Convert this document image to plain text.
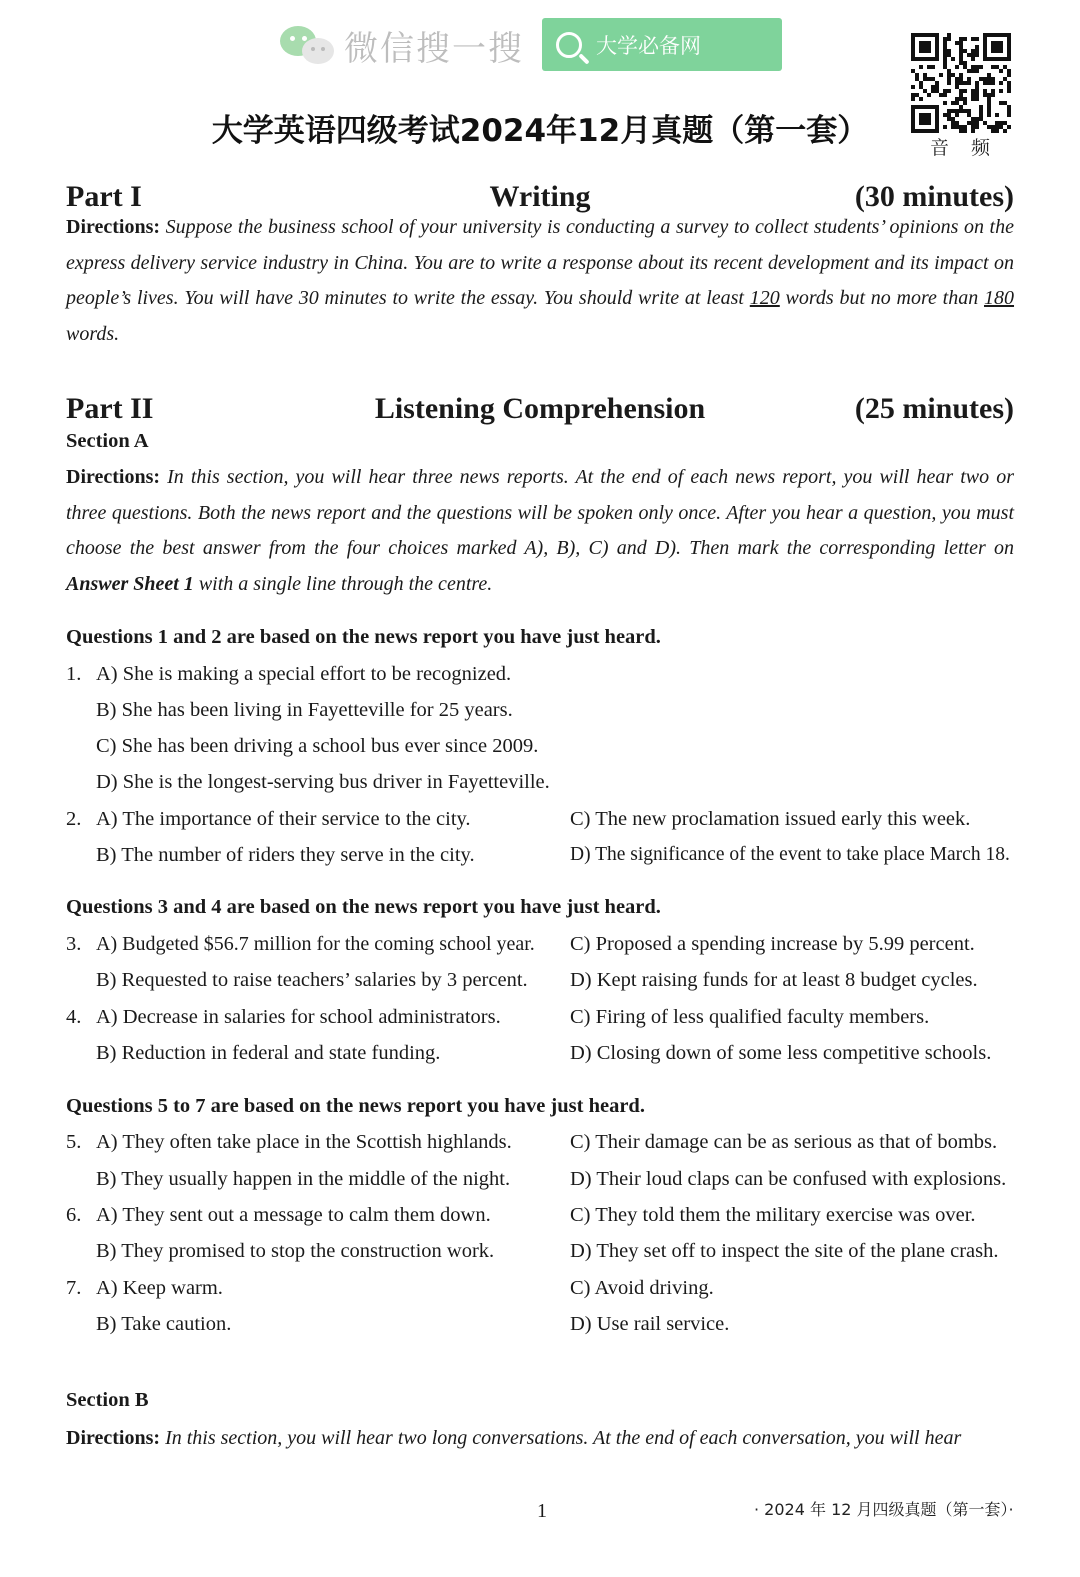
微信搜一搜	大学必备网
音 频
大学英语四级考试2024年12月真题（第一套）
Writing
Part I	(30 minutes)
Directions: Suppose the business school of your university is conducting a survey to collect students’ opinions on the express delivery service industry in China. You are to write a response about its recent development and its impact on people’s lives. You will have 30 minutes to write the essay. You should write at least 120 words but no more than 180 words.
Listening Comprehension
Part II	(25 minutes)
Section A
Directions: In this section, you will hear three news reports. At the end of each news report, you will hear two or three questions. Both the news report and the questions will be spoken only once. After you hear a question, you must choose the best answer from the four choices marked A), B), C) and D). Then mark the corresponding letter on Answer Sheet 1 with a single line through the centre.
Questions 1 and 2 are based on the news report you have just heard.
1. A) She is making a special effort to be recognized.
B) She has been living in Fayetteville for 25 years.
C) She has been driving a school bus ever since 2009.
D) She is the longest-serving bus driver in Fayetteville.
2. A) The importance of their service to the city.
B) The number of riders they serve in the city.
C) The new proclamation issued early this week.
D) The significance of the event to take place March 18.
Questions 3 and 4 are based on the news report you have just heard.
3. A) Budgeted $56.7 million for the coming school year.
B) Requested to raise teachers’ salaries by 3 percent.
C) Proposed a spending increase by 5.99 percent.
D) Kept raising funds for at least 8 budget cycles.
4. A) Decrease in salaries for school administrators.
B) Reduction in federal and state funding.
C) Firing of less qualified faculty members.
D) Closing down of some less competitive schools.
Questions 5 to 7 are based on the news report you have just heard.
5. A) They often take place in the Scottish highlands.
B) They usually happen in the middle of the night.
C) Their damage can be as serious as that of bombs.
D) Their loud claps can be confused with explosions.
6. A) They sent out a message to calm them down.
B) They promised to stop the construction work.
C) They told them the military exercise was over.
D) They set off to inspect the site of the plane crash.
7. A) Keep warm.
B) Take caution.
C) Avoid driving.
D) Use rail service.
Section B
Directions: In this section, you will hear two long conversations. At the end of each conversation, you will hear
1	· 2024 年 12 月四级真题（第一套）·
